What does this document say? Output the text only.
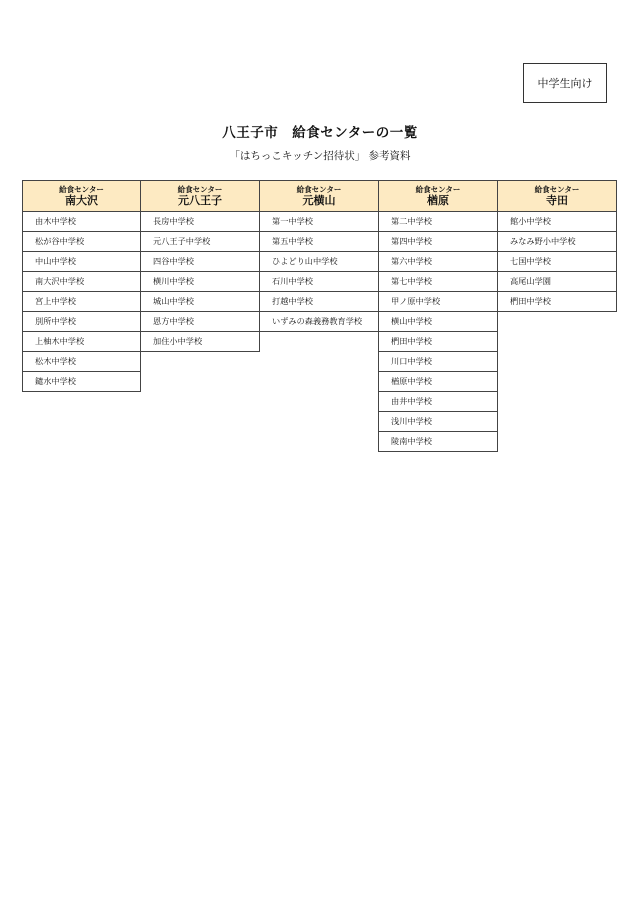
中学生向け
八王子市　給食センターの一覧
「はちっこキッチン招待状」 参考資料
給食センター
南大沢
由木中学校
松が谷中学校
中山中学校
南大沢中学校
宮上中学校
別所中学校
上柚木中学校
松木中学校
鑓水中学校
給食センター
元八王子
長房中学校
元八王子中学校
四谷中学校
横川中学校
城山中学校
恩方中学校
加住小中学校
給食センター
元横山
第一中学校
第五中学校
ひよどり山中学校
石川中学校
打越中学校
いずみの森義務教育学校
給食センター
楢原
第二中学校
第四中学校
第六中学校
第七中学校
甲ノ原中学校
横山中学校
椚田中学校
川口中学校
楢原中学校
由井中学校
浅川中学校
陵南中学校
給食センター
寺田
館小中学校
みなみ野小中学校
七国中学校
高尾山学園
椚田中学校
